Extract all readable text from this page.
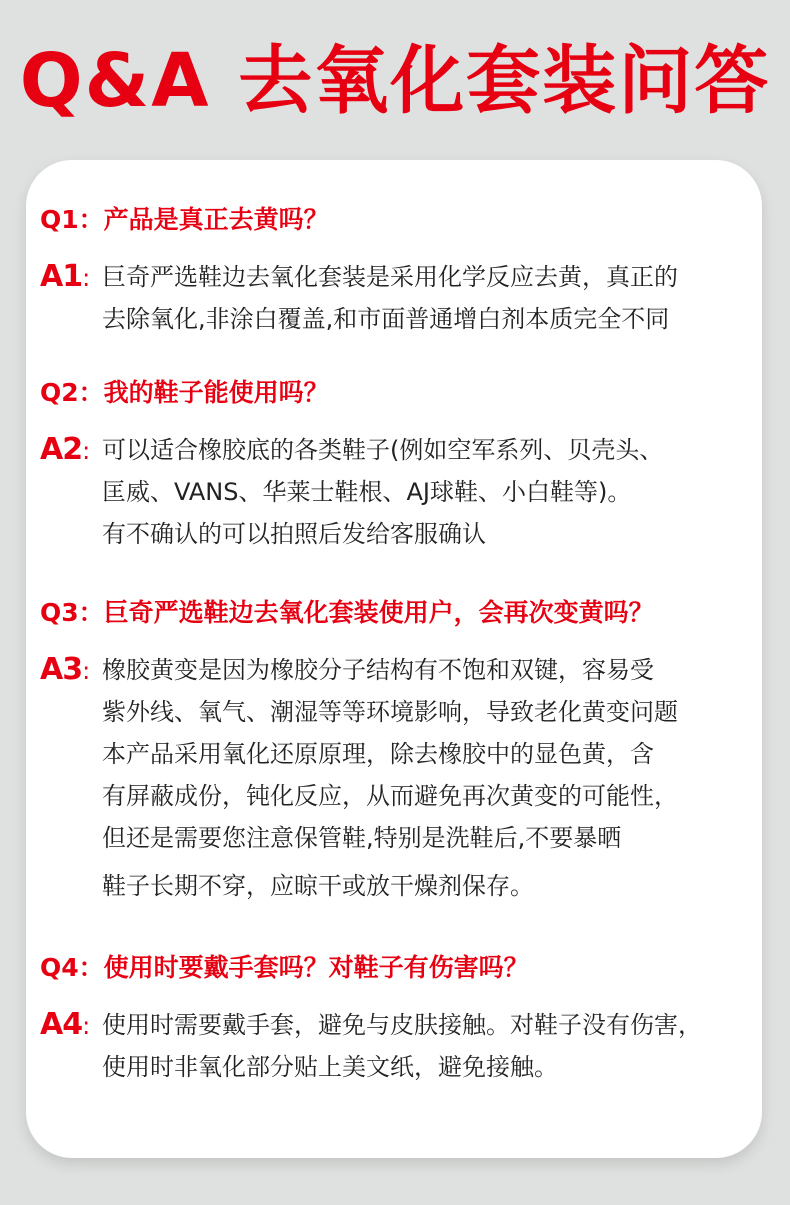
Q&A 去氧化套装问答
Q1：产品是真正去黄吗？
A1: 巨奇严选鞋边去氧化套装是采用化学反应去黄，真正的
去除氧化,非涂白覆盖,和市面普通增白剂本质完全不同
Q2：我的鞋子能使用吗？
A2: 可以适合橡胶底的各类鞋子(例如空军系列、贝壳头、
匡威、VANS、华莱士鞋根、AJ球鞋、小白鞋等)。
有不确认的可以拍照后发给客服确认
Q3：巨奇严选鞋边去氧化套装使用户，会再次变黄吗？
A3: 橡胶黄变是因为橡胶分子结构有不饱和双键，容易受
紫外线、氧气、潮湿等等环境影响，导致老化黄变问题
本产品采用氧化还原原理，除去橡胶中的显色黄，含
有屏蔽成份，钝化反应，从而避免再次黄变的可能性，
但还是需要您注意保管鞋,特别是洗鞋后,不要暴晒
鞋子长期不穿，应晾干或放干燥剂保存。
Q4：使用时要戴手套吗？对鞋子有伤害吗？
A4: 使用时需要戴手套，避免与皮肤接触。对鞋子没有伤害，
使用时非氧化部分贴上美文纸，避免接触。
